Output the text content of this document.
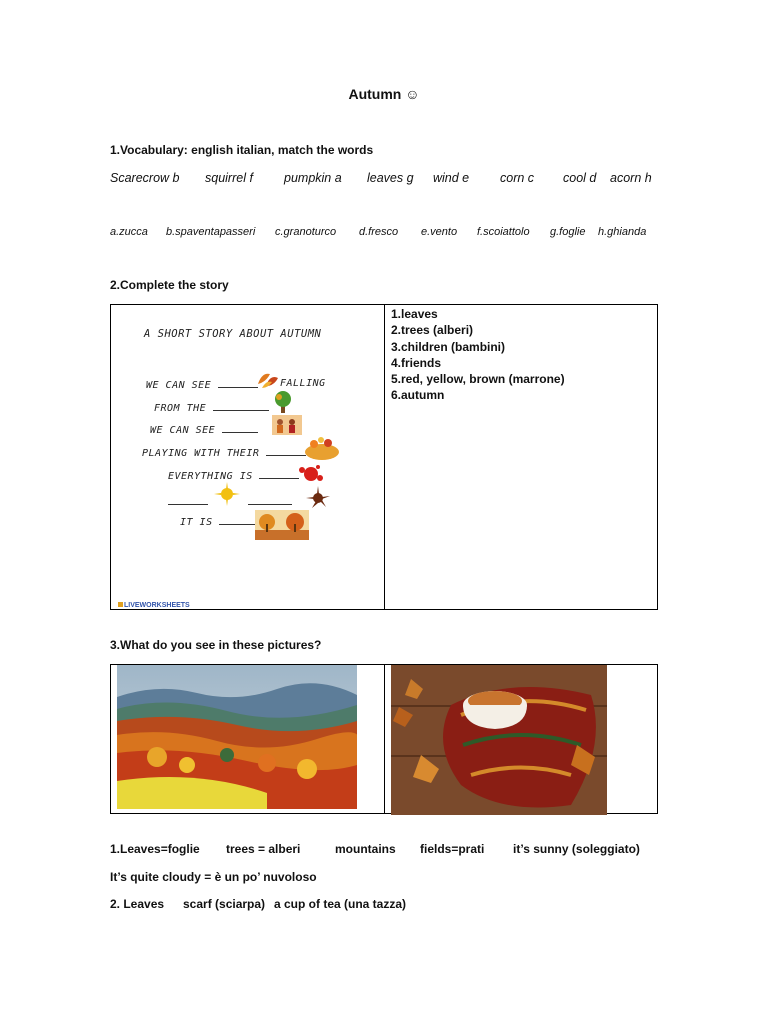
Autumn ☺
1.Vocabulary: english italian, match the words
Scarecrow b squirrel f pumpkin a leaves g wind e corn c cool d acorn h
a.zucca b.spaventapasseri c.granoturco d.fresco e.vento f.scoiattolo g.foglie h.ghianda
2.Complete the story
A SHORT STORY ABOUT AUTUMN
WE CAN SEE	FALLING
FROM THE
WE CAN SEE
PLAYING WITH THEIR
EVERYTHING IS
IT IS
LIVEWORKSHEETS
1.leaves
2.trees (alberi)
3.children (bambini)
4.friends
5.red, yellow, brown (marrone)
6.autumn
3.What do you see in these pictures?
1.Leaves=foglie trees = alberi	mountains fields=prati it’s sunny (soleggiato)
It’s quite cloudy = è un po’ nuvoloso
2. Leaves scarf (sciarpa) a cup of tea (una tazza)
